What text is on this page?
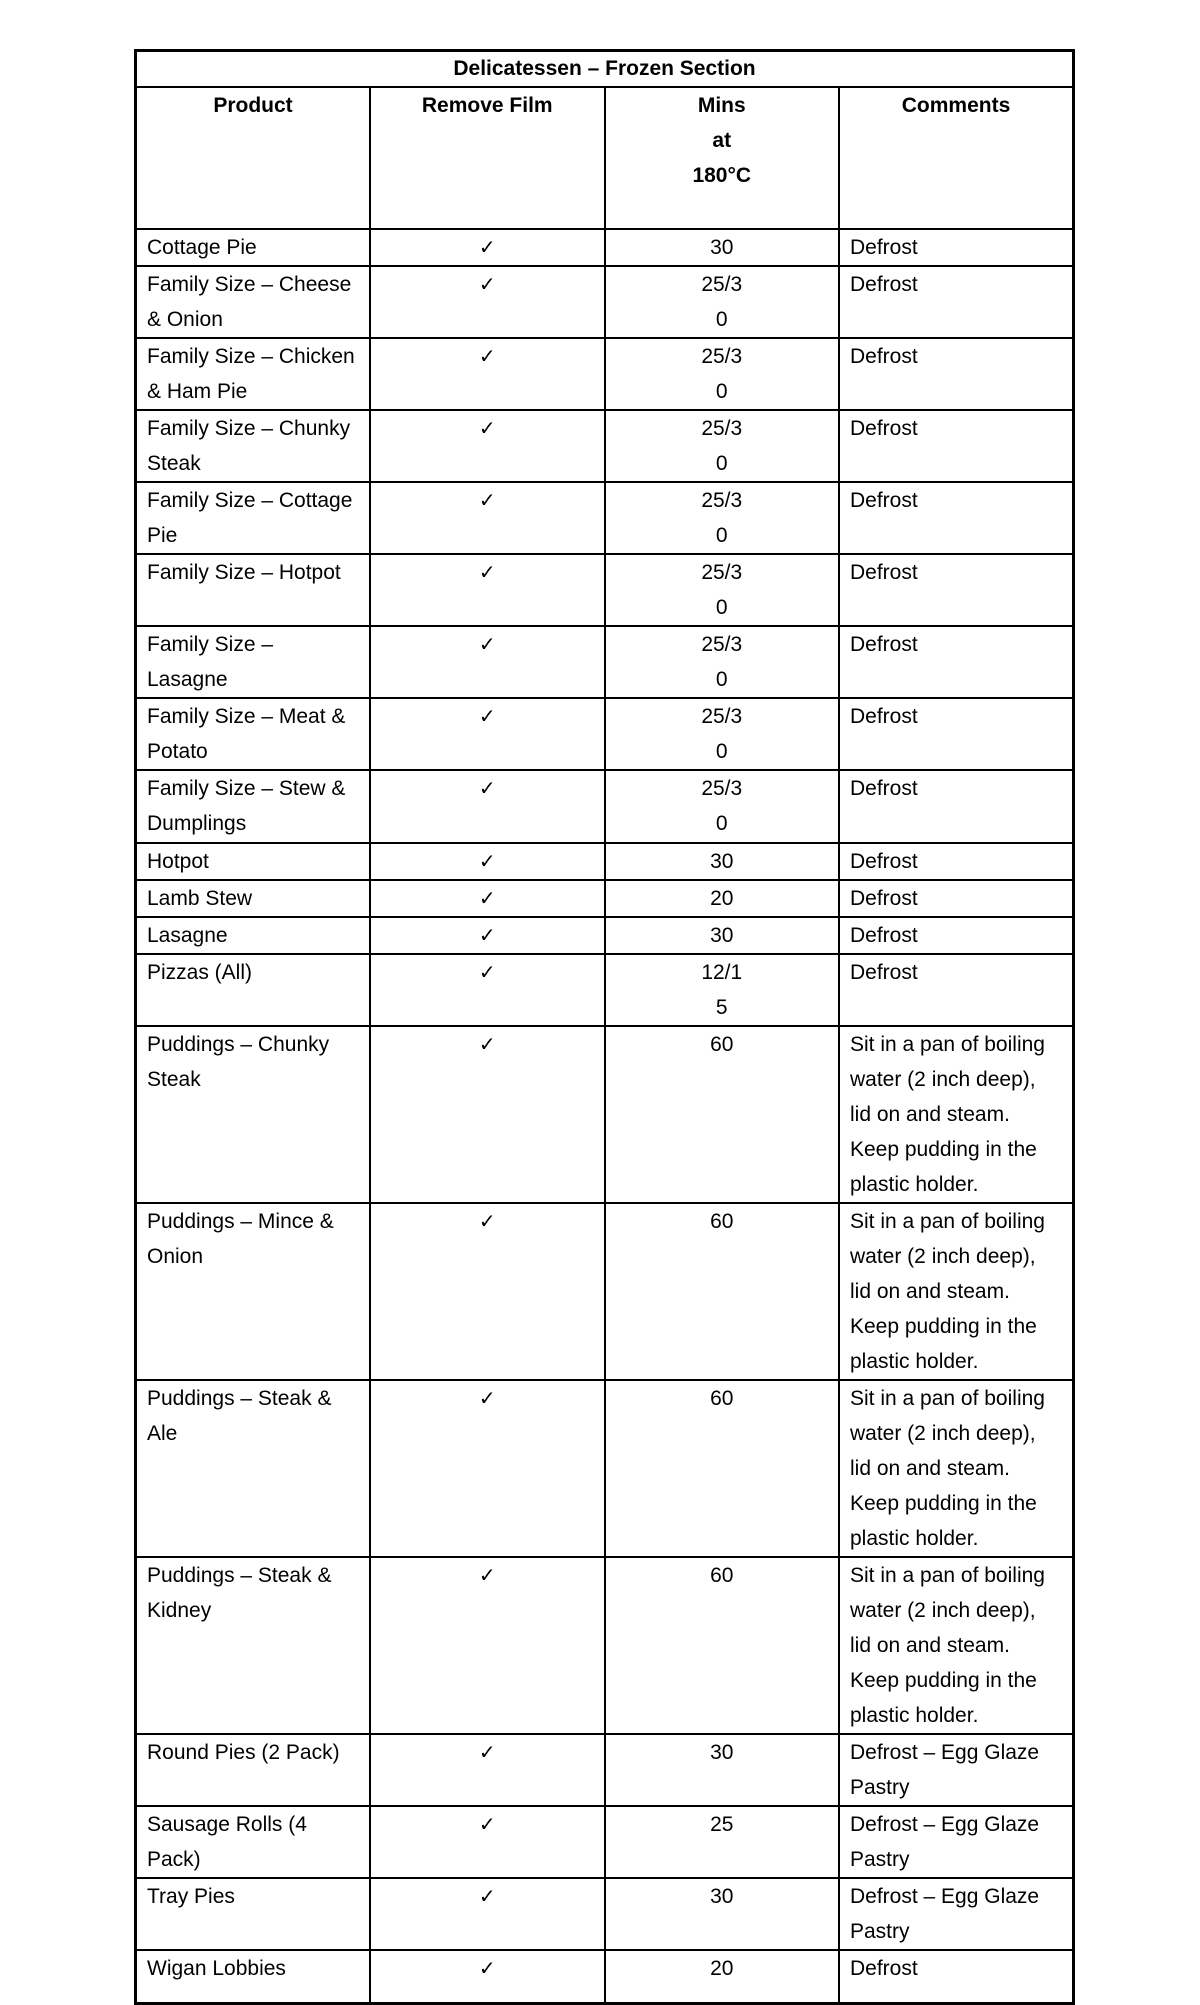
Delicatessen – Frozen Section			
Product	Remove Film	Mins at 180°C	Comments
Cottage Pie	✓	30	Defrost
Family Size – Cheese & Onion	✓	25/30	Defrost
Family Size – Chicken & Ham Pie	✓	25/30	Defrost
Family Size – Chunky Steak	✓	25/30	Defrost
Family Size – Cottage Pie	✓	25/30	Defrost
Family Size – Hotpot	✓	25/30	Defrost
Family Size – Lasagne	✓	25/30	Defrost
Family Size – Meat & Potato	✓	25/30	Defrost
Family Size – Stew & Dumplings	✓	25/30	Defrost
Hotpot	✓	30	Defrost
Lamb Stew	✓	20	Defrost
Lasagne	✓	30	Defrost
Pizzas (All)	✓	12/15	Defrost
Puddings – Chunky Steak	✓	60	Sit in a pan of boiling water (2 inch deep), lid on and steam. Keep pudding in the plastic holder.
Puddings – Mince & Onion	✓	60	Sit in a pan of boiling water (2 inch deep), lid on and steam. Keep pudding in the plastic holder.
Puddings – Steak & Ale	✓	60	Sit in a pan of boiling water (2 inch deep), lid on and steam. Keep pudding in the plastic holder.
Puddings – Steak & Kidney	✓	60	Sit in a pan of boiling water (2 inch deep), lid on and steam. Keep pudding in the plastic holder.
Round Pies (2 Pack)	✓	30	Defrost – Egg Glaze Pastry
Sausage Rolls (4 Pack)	✓	25	Defrost – Egg Glaze Pastry
Tray Pies	✓	30	Defrost – Egg Glaze Pastry
Wigan Lobbies	✓	20	Defrost
